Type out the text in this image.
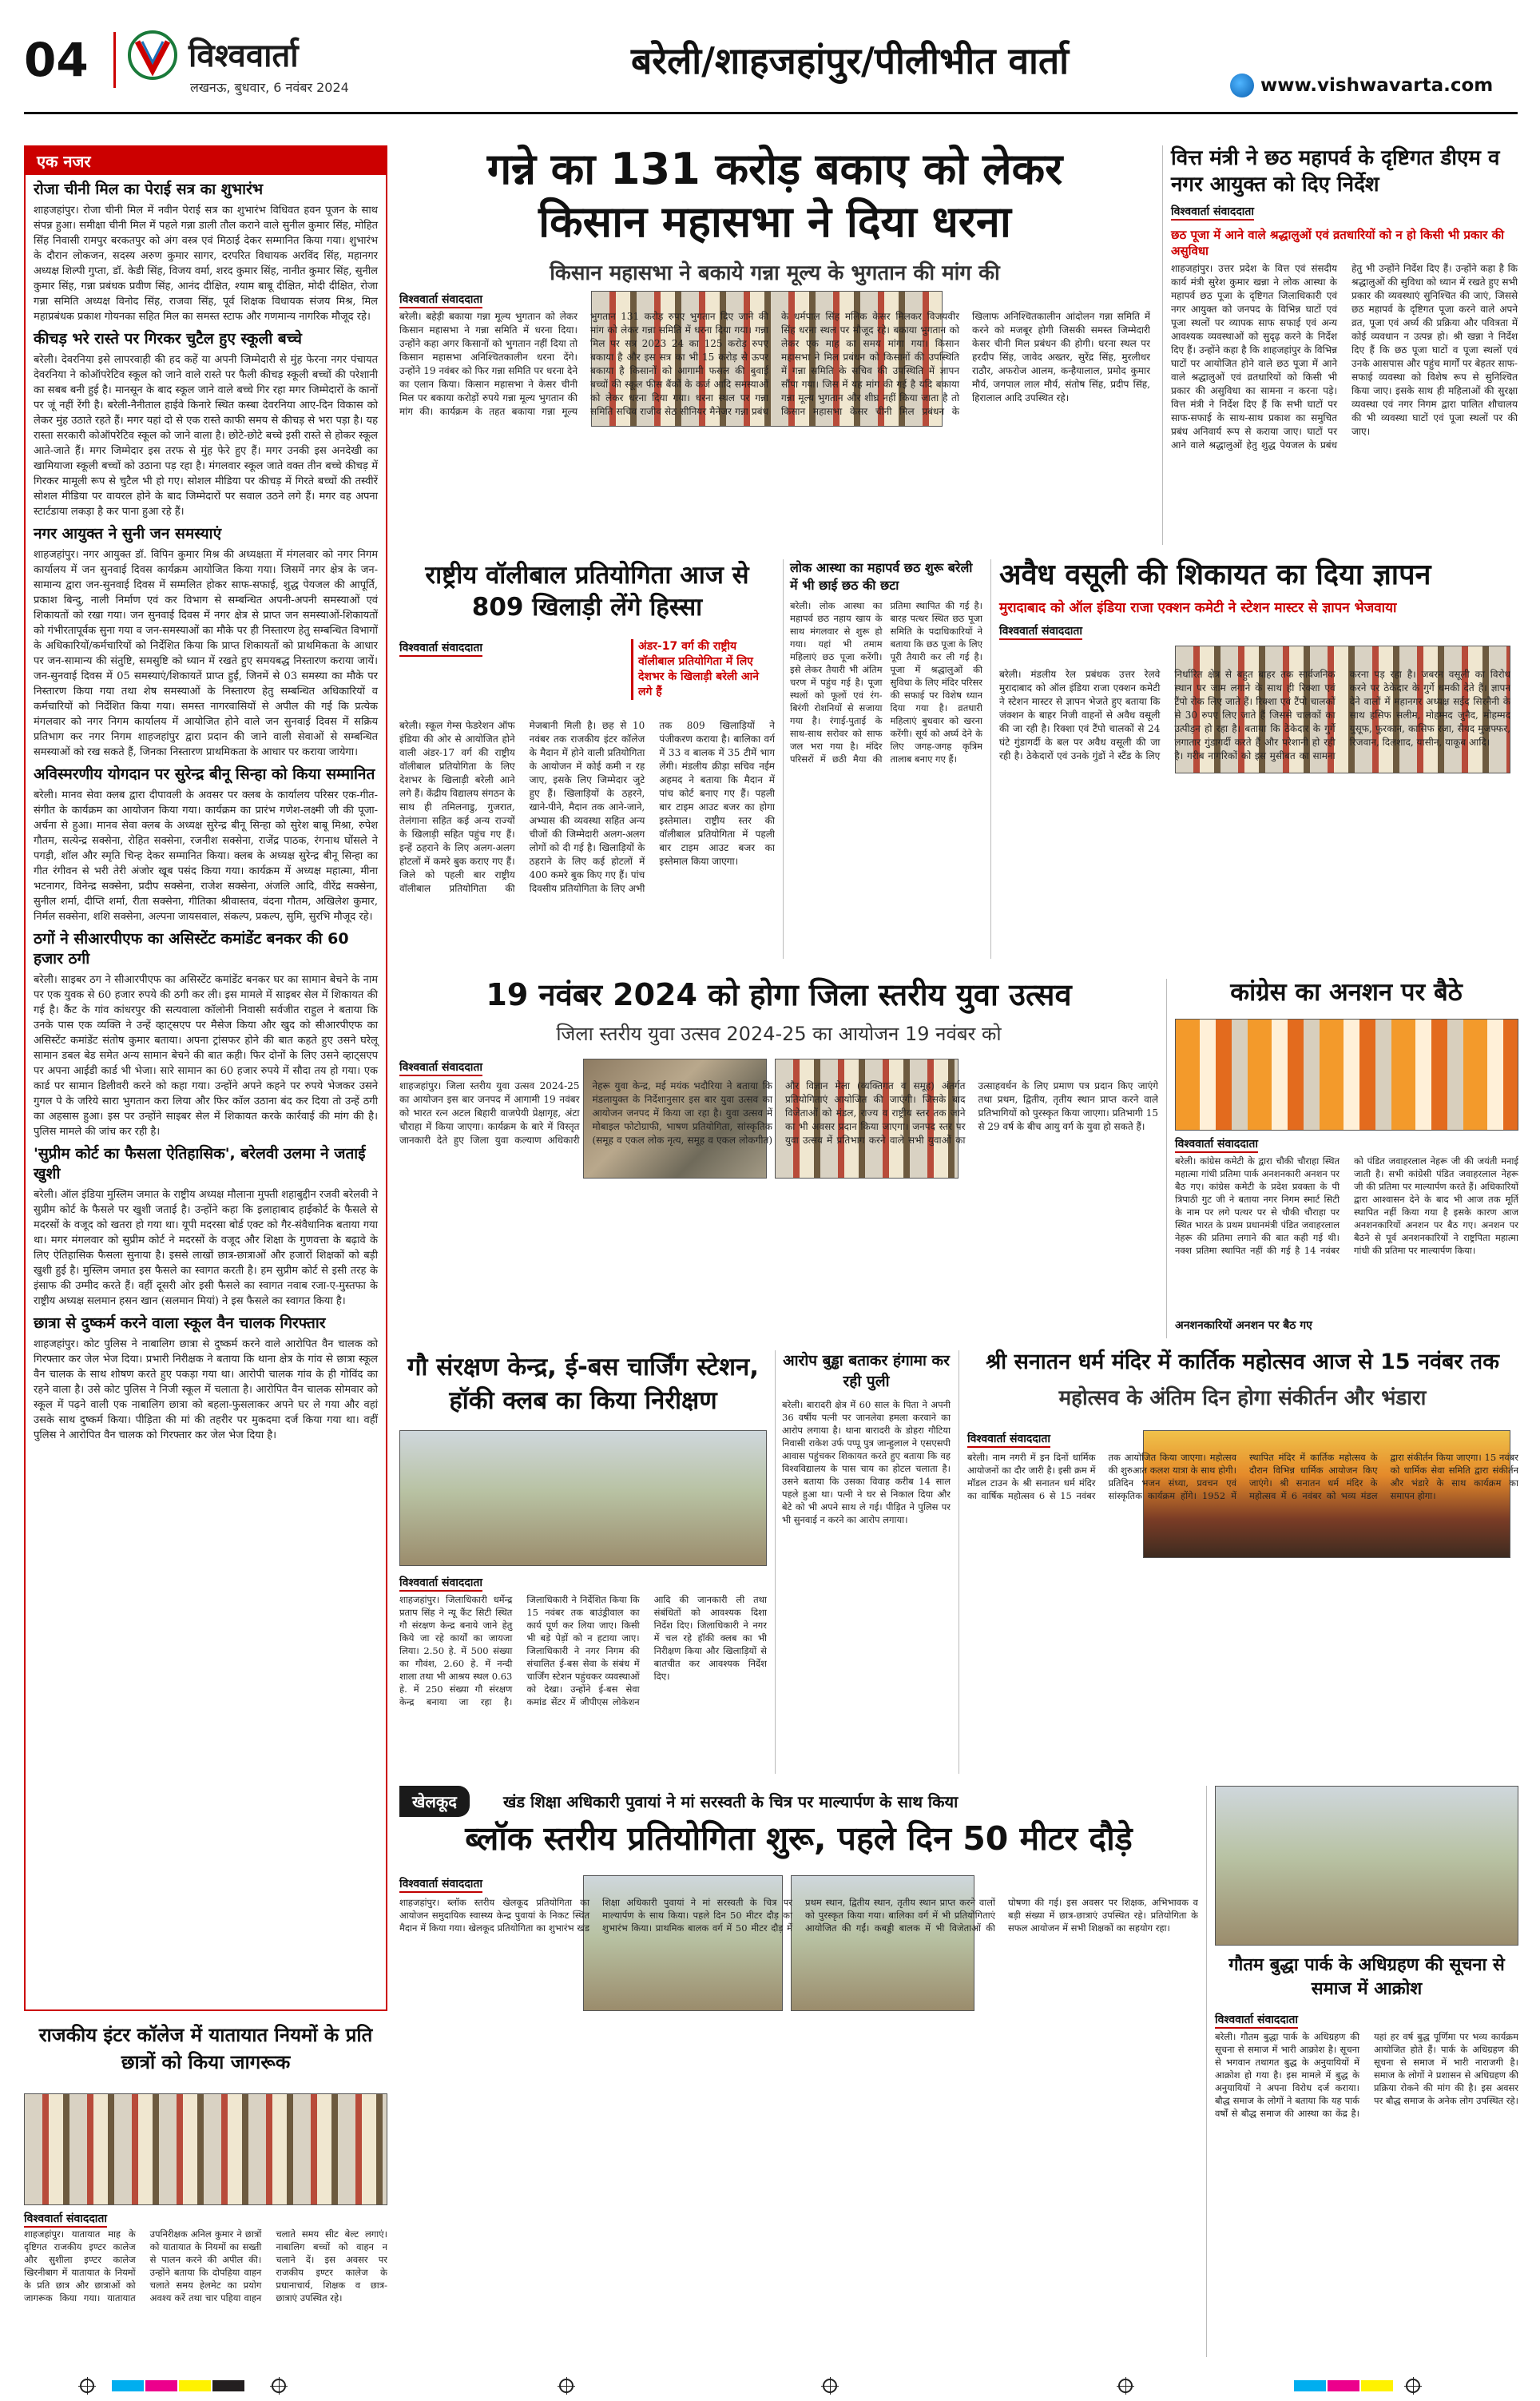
04	विश्ववार्ता
लखनऊ, बुधवार, 6 नवंबर 2024
बरेली/शाहजहांपुर/पीलीभीत वार्ता
www.vishwavarta.com
एक नजर
रोजा चीनी मिल का पेराई सत्र का शुभारंभ
शाहजहांपुर। रोजा चीनी मिल में नवीन पेराई सत्र का शुभारंभ विधिवत हवन पूजन के साथ संपन्न हुआ। समीक्षा चीनी मिल में पहले गन्ना डाली तौल कराने वाले सुनील कुमार सिंह, मोहित सिंह निवासी रामपुर बरकतपुर को अंग वस्त्र एवं मिठाई देकर सम्मानित किया गया। शुभारंभ के दौरान लोकजन, सदस्य अरुण कुमार सागर, दरपरित विधायक अरविंद सिंह, महानगर अध्यक्ष शिल्पी गुप्ता, डॉ. केडी सिंह, विजय वर्मा, शरद कुमार सिंह, नानीत कुमार सिंह, सुनील कुमार सिंह, गन्ना प्रबंधक प्रवीण सिंह, आनंद दीक्षित, श्याम बाबू दीक्षित, मोदी दीक्षित, रोजा गन्ना समिति अध्यक्ष विनोद सिंह, राजवा सिंह, पूर्व शिक्षक विधायक संजय मिश्र, मिल महाप्रबंधक प्रकाश गोयनका सहित मिल का समस्त स्टाफ और गणमान्य नागरिक मौजूद रहे।
कीचड़ भरे रास्ते पर गिरकर चुटैल हुए स्कूली बच्चे
बरेली। देवरनिया इसे लापरवाही की हद कहें या अपनी जिम्मेदारी से मुंह फेरना नगर पंचायत देवरनिया ने कोऑपरेटिव स्कूल को जाने वाले रास्ते पर फैली कीचड़ स्कूली बच्चों की परेशानी का सबब बनी हुई है। मानसून के बाद स्कूल जाने वाले बच्चे गिर रहा मगर जिम्मेदारों के कानों पर जूं नहीं रेंगी है। बरेली-नैनीताल हाईवे किनारे स्थित कस्बा देवरनिया आए-दिन विकास को लेकर मुंह उठाते रहते हैं। मगर यहां दो से एक रास्ते काफी समय से कीचड़ से भरा पड़ा है। यह रास्ता सरकारी कोऑपरेटिव स्कूल को जाने वाला है। छोटे-छोटे बच्चे इसी रास्ते से होकर स्कूल आते-जाते हैं। मगर जिम्मेदार इस तरफ से मुंह फेरे हुए हैं। मगर उनकी इस अनदेखी का खामियाजा स्कूली बच्चों को उठाना पड़ रहा है। मंगलवार स्कूल जाते वक्त तीन बच्चे कीचड़ में गिरकर मामूली रूप से चुटैल भी हो गए। सोशल मीडिया पर कीचड़ में गिरते बच्चों की तस्वीरें सोशल मीडिया पर वायरल होने के बाद जिम्मेदारों पर सवाल उठने लगे हैं। मगर वह अपना स्टार्टडाया लकड़ा है कर पाना हुआ रहे हैं।
नगर आयुक्त ने सुनी जन समस्याएं
शाहजहांपुर। नगर आयुक्त डॉ. विपिन कुमार मिश्र की अध्यक्षता में मंगलवार को नगर निगम कार्यालय में जन सुनवाई दिवस कार्यक्रम आयोजित किया गया। जिसमें नगर क्षेत्र के जन-सामान्य द्वारा जन-सुनवाई दिवस में सम्मलित होकर साफ-सफाई, शुद्ध पेयजल की आपूर्ति, प्रकाश बिन्दु, नाली निर्माण एवं कर विभाग से सम्बन्धित अपनी-अपनी समस्याओं एवं शिकायतों को रखा गया। जन सुनवाई दिवस में नगर क्षेत्र से प्राप्त जन समस्याओं-शिकायतों को गंभीरतापूर्वक सुना गया व जन-समस्याओं का मौके पर ही निस्तारण हेतु सम्बन्धित विभागों के अधिकारियों/कर्मचारियों को निर्देशित किया कि प्राप्त शिकायतों को प्राथमिकता के आधार पर जन-सामान्य की संतुष्टि, समसुष्टि को ध्यान में रखते हुए समयबद्ध निस्तारण कराया जायें। जन-सुनवाई दिवस में 05 समस्याएं/शिकायतें प्राप्त हुईं, जिनमें से 03 समस्या का मौके पर निस्तारण किया गया तथा शेष समस्याओं के निस्तारण हेतु सम्बन्धित अधिकारियों व कर्मचारियों को निर्देशित किया गया। समस्त नागरवासियों से अपील की गई कि प्रत्येक मंगलवार को नगर निगम कार्यालय में आयोजित होने वाले जन सुनवाई दिवस में सक्रिय प्रतिभाग कर नगर निगम शाहजहांपुर द्वारा प्रदान की जाने वाली सेवाओं से सम्बन्धित समस्याओं को रख सकते हैं, जिनका निस्तारण प्राथमिकता के आधार पर कराया जायेगा।
अविस्मरणीय योगदान पर सुरेन्द्र बीनू सिन्हा को किया सम्मानित
बरेली। मानव सेवा क्लब द्वारा दीपावली के अवसर पर क्लब के कार्यालय परिसर एक-गीत-संगीत के कार्यक्रम का आयोजन किया गया। कार्यक्रम का प्रारंभ गणेश-लक्ष्मी जी की पूजा-अर्चना से हुआ। मानव सेवा क्लब के अध्यक्ष सुरेन्द्र बीनू सिन्हा को सुरेश बाबू मिश्रा, रुपेश गौतम, सत्येन्द्र सक्सेना, रोहित सक्सेना, रजनीश सक्सेना, राजेंद्र पाठक, रंगनाथ घोंसले ने पगड़ी, शॉल और स्मृति चिन्ह देकर सम्मानित किया। क्लब के अध्यक्ष सुरेन्द्र बीनू सिन्हा का गीत रंगीवन से भरी तेरी अंजोर खूब पसंद किया गया। कार्यक्रम में अध्यक्ष महात्मा, मीना भटनागर, विनेन्द्र सक्सेना, प्रदीप सक्सेना, राजेश सक्सेना, अंजलि आदि, वीरेंद्र सक्सेना, सुनील शर्मा, दीप्ति शर्मा, रीता सक्सेना, गीतिका श्रीवास्तव, वंदना गौतम, अखिलेश कुमार, निर्मल सक्सेना, शशि सक्सेना, अल्पना जायसवाल, संकल्प, प्रकल्प, सुमि, सुरभि मौजूद रहे।
ठगों ने सीआरपीएफ का असिस्टेंट कमांडेंट बनकर की 60 हजार ठगी
बरेली। साइबर ठग ने सीआरपीएफ का असिस्टेंट कमांडेंट बनकर घर का सामान बेचने के नाम पर एक युवक से 60 हजार रुपये की ठगी कर ली। इस मामले में साइबर सेल में शिकायत की गई है। कैंट के गांव कांधरपुर की सत्यवाला कॉलोनी निवासी सर्वजीत राहुल ने बताया कि उनके पास एक व्यक्ति ने उन्हें व्हाट्सएप पर मैसेज किया और खुद को सीआरपीएफ का असिस्टेंट कमांडेंट संतोष कुमार बताया। अपना ट्रांसफर होने की बात कहते हुए उसने घरेलू सामान डबल बेड समेत अन्य सामान बेचने की बात कही। फिर दोनों के लिए उसने व्हाट्सएप पर अपना आईडी कार्ड भी भेजा। सारे सामान का 60 हजार रुपये में सौदा तय हो गया। एक कार्ड पर सामान डिलीवरी करने को कहा गया। उन्होंने अपने कहने पर रुपये भेजकर उसने गुगल पे के जरिये सारा भुगतान करा लिया और फिर कॉल उठाना बंद कर दिया तो उन्हें ठगी का अहसास हुआ। इस पर उन्होंने साइबर सेल में शिकायत करके कार्रवाई की मांग की है। पुलिस मामले की जांच कर रही है।
'सुप्रीम कोर्ट का फैसला ऐतिहासिक', बरेलवी उलमा ने जताई खुशी
बरेली। ऑल इंडिया मुस्लिम जमात के राष्ट्रीय अध्यक्ष मौलाना मुफ्ती शहाबुद्दीन रजवी बरेलवी ने सुप्रीम कोर्ट के फैसले पर खुशी जताई है। उन्होंने कहा कि इलाहाबाद हाईकोर्ट के फैसले से मदरसों के वजूद को खतरा हो गया था। यूपी मदरसा बोर्ड एक्ट को गैर-संवैधानिक बताया गया था। मगर मंगलवार को सुप्रीम कोर्ट ने मदरसों के वजूद और शिक्षा के गुणवत्ता के बढ़ावे के लिए ऐतिहासिक फैसला सुनाया है। इससे लाखों छात्र-छात्राओं और हजारों शिक्षकों को बड़ी खुशी हुई है। मुस्लिम जमात इस फैसले का स्वागत करती है। हम सुप्रीम कोर्ट से इसी तरह के इंसाफ की उम्मीद करते हैं। वहीं दूसरी ओर इसी फैसले का स्वागत नवाब रजा-ए-मुस्तफा के राष्ट्रीय अध्यक्ष सलमान हसन खान (सलमान मियां) ने इस फैसले का स्वागत किया है।
छात्रा से दुष्कर्म करने वाला स्कूल वैन चालक गिरफ्तार
शाहजहांपुर। कोट पुलिस ने नाबालिग छात्रा से दुष्कर्म करने वाले आरोपित वैन चालक को गिरफ्तार कर जेल भेज दिया। प्रभारी निरीक्षक ने बताया कि थाना क्षेत्र के गांव से छात्रा स्कूल वैन चालक के साथ शोषण करते हुए पकड़ा गया था। आरोपी चालक गांव के ही गोविंद का रहने वाला है। उसे कोट पुलिस ने निजी स्कूल में चलाता है। आरोपित वैन चालक सोमवार को स्कूल में पढ़ने वाली एक नाबालिग छात्रा को बहला-फुसलाकर अपने घर ले गया और वहां उसके साथ दुष्कर्म किया। पीड़िता की मां की तहरीर पर मुकदमा दर्ज किया गया था। वहीं पुलिस ने आरोपित वैन चालक को गिरफ्तार कर जेल भेज दिया है।
गन्ने का 131 करोड़ बकाए को लेकर
किसान महासभा ने दिया धरना
किसान महासभा ने बकाये गन्ना मूल्य के भुगतान की मांग की
विश्ववार्ता संवाददाता
बरेली। बहेड़ी बकाया गन्ना मूल्य भुगतान को लेकर किसान महासभा ने गन्ना समिति में धरना दिया। उन्होंने कहा अगर किसानों को भुगतान नहीं दिया तो किसान महासभा अनिश्चितकालीन धरना देंगे। उन्होंने 19 नवंबर को फिर गन्ना समिति पर धरना देने का एलान किया। किसान महासभा ने केसर चीनी मिल पर बकाया करोड़ों रुपये गन्ना मूल्य भुगतान की मांग की। कार्यक्रम के तहत बकाया गन्ना मूल्य भुगतान 131 करोड़ रुपए भुगतान दिए जाने की मांग को लेकर गन्ना समिति में धरना दिया गया। गन्ना मिल पर सत्र 2023 24 का 125 करोड़ रुपए बकाया है और इस सत्र का भी 15 करोड़ से ऊपर बकाया है किसानों को आगामी फसल की बुवाई बच्चों की स्कूल फीस बैंकों के कर्ज आदि समस्याओं को लेकर धरना दिया गया। धरना स्थल पर गन्ना समिति सचिव राजीव सेठ सीनियर मैनेजर गन्ना प्रबंध के धर्मपाल सिंह मलिक केसर मिलकर विजयवीर सिंह धरना स्थल पर मौजूद रहे। बकाया भुगतान को लेकर एक माह का समय मांगा गया। किसान महासभा ने मिल प्रबंधन को किसानों की उपस्थिति में गन्ना समिति के सचिव की उपस्थिति में ज्ञापन सौंपा गया। जिस में यह मांग की गई है यदि बकाया गन्ना मूल्य भुगतान और शीघ्र नहीं किया जाता है तो किसान महासभा केसर चीनी मिल प्रबंधन के खिलाफ अनिश्चितकालीन आंदोलन गन्ना समिति में करने को मजबूर होगी जिसकी समस्त जिम्मेदारी केसर चीनी मिल प्रबंधन की होगी। धरना स्थल पर हरदीप सिंह, जावेद अख्तर, सुरेंद्र सिंह, मुरलीधर राठौर, अफरोज आलम, कन्हैयालाल, प्रमोद कुमार मौर्य, जगपाल लाल मौर्य, संतोष सिंह, प्रदीप सिंह, हिरालाल आदि उपस्थित रहे।
वित्त मंत्री ने छठ महापर्व के दृष्टिगत डीएम व नगर आयुक्त को दिए निर्देश
विश्ववार्ता संवाददाता
छठ पूजा में आने वाले श्रद्धालुओं एवं व्रतधारियों को न हो किसी भी प्रकार की असुविधा
शाहजहांपुर। उत्तर प्रदेश के वित्त एवं संसदीय कार्य मंत्री सुरेश कुमार खन्ना ने लोक आस्था के महापर्व छठ पूजा के दृष्टिगत जिलाधिकारी एवं नगर आयुक्त को जनपद के विभिन्न घाटों एवं पूजा स्थलों पर व्यापक साफ सफाई एवं अन्य आवश्यक व्यवस्थाओं को सुदृढ़ करने के निर्देश दिए हैं। उन्होंने कहा है कि शाहजहांपुर के विभिन्न घाटों पर आयोजित होने वाले छठ पूजा में आने वाले श्रद्धालुओं एवं व्रतधारियों को किसी भी प्रकार की असुविधा का सामना न करना पड़े। वित्त मंत्री ने निर्देश दिए हैं कि सभी घाटों पर साफ-सफाई के साथ-साथ प्रकाश का समुचित प्रबंध अनिवार्य रूप से कराया जाए। घाटों पर आने वाले श्रद्धालुओं हेतु शुद्ध पेयजल के प्रबंध हेतु भी उन्होंने निर्देश दिए हैं। उन्होंने कहा है कि श्रद्धालुओं की सुविधा को ध्यान में रखते हुए सभी प्रकार की व्यवस्थाएं सुनिश्चित की जाएं, जिससे छठ महापर्व के दृष्टिगत पूजा करने वाले अपने व्रत, पूजा एवं अर्घ्य की प्रक्रिया और पवित्रता में कोई व्यवधान न उत्पन्न हो। श्री खन्ना ने निर्देश दिए हैं कि छठ पूजा घाटों व पूजा स्थलों एवं उनके आसपास और पहुंच मार्गों पर बेहतर साफ-सफाई व्यवस्था को विशेष रूप से सुनिश्चित किया जाए। इसके साथ ही महिलाओं की सुरक्षा व्यवस्था एवं नगर निगम द्वारा पालित शौचालय की भी व्यवस्था घाटों एवं पूजा स्थलों पर की जाए।
राष्ट्रीय वॉलीबाल प्रतियोगिता आज से 809 खिलाड़ी लेंगे हिस्सा
अंडर-17 वर्ग की राष्ट्रीय वॉलीबाल प्रतियोगिता में लिए देशभर के खिलाड़ी बरेली आने लगे हैं
विश्ववार्ता संवाददाता
बरेली। स्कूल गेम्स फेडरेशन ऑफ इंडिया की ओर से आयोजित होने वाली अंडर-17 वर्ग की राष्ट्रीय वॉलीबाल प्रतियोगिता के लिए देशभर के खिलाड़ी बरेली आने लगे हैं। केंद्रीय विद्यालय संगठन के साथ ही तमिलनाडु, गुजरात, तेलंगाना सहित कई अन्य राज्यों के खिलाड़ी सहित पहुंच गए हैं। इन्हें ठहराने के लिए अलग-अलग होटलों में कमरे बुक कराए गए हैं। जिले को पहली बार राष्ट्रीय वॉलीबाल प्रतियोगिता की मेजबानी मिली है। छह से 10 नवंबर तक राजकीय इंटर कॉलेज के मैदान में होने वाली प्रतियोगिता के आयोजन में कोई कमी न रह जाए, इसके लिए जिम्मेदार जुटे हुए हैं। खिलाड़ियों के ठहरने, खाने-पीने, मैदान तक आने-जाने, अभ्यास की व्यवस्था सहित अन्य चीजों की जिम्मेदारी अलग-अलग लोगों को दी गई है। खिलाड़ियों के ठहराने के लिए कई होटलों में 400 कमरे बुक किए गए हैं। पांच दिवसीय प्रतियोगिता के लिए अभी तक 809 खिलाड़ियों ने पंजीकरण कराया है। बालिका वर्ग में 33 व बालक में 35 टीमें भाग लेंगी। मंडलीय क्रीड़ा सचिव नईम अहमद ने बताया कि मैदान में पांच कोर्ट बनाए गए हैं। पहली बार टाइम आउट बजर का होगा इस्तेमाल। राष्ट्रीय स्तर की वॉलीबाल प्रतियोगिता में पहली बार टाइम आउट बजर का इस्तेमाल किया जाएगा।
लोक आस्था का महापर्व छठ शुरू बरेली में भी छाई छठ की छटा
बरेली। लोक आस्था का महापर्व छठ नहाय खाय के साथ मंगलवार से शुरू हो गया। यहां भी तमाम महिलाएं छठ पूजा करेंगी। इसे लेकर तैयारी भी अंतिम चरण में पहुंच गई है। पूजा स्थलों को फूलों एवं रंग-बिरंगी रोशनियों से सजाया गया है। रंगाई-पुताई के साथ-साथ सरोवर को साफ जल भरा गया है। मंदिर परिसरों में छठी मैया की प्रतिमा स्थापित की गई है। बारह पत्थर स्थित छठ पूजा समिति के पदाधिकारियों ने बताया कि छठ पूजा के लिए पूरी तैयारी कर ली गई है। पूजा में श्रद्धालुओं की सुविधा के लिए मंदिर परिसर की सफाई पर विशेष ध्यान दिया गया है। व्रतधारी महिलाएं बुधवार को खरना करेंगी। सूर्य को अर्घ्य देने के लिए जगह-जगह कृत्रिम तालाब बनाए गए हैं।
अवैध वसूली की शिकायत का दिया ज्ञापन
मुरादाबाद को ऑल इंडिया राजा एक्शन कमेटी ने स्टेशन मास्टर से ज्ञापन भेजवाया
विश्ववार्ता संवाददाता
बरेली। मंडलीय रेल प्रबंधक उत्तर रेलवे मुरादाबाद को ऑल इंडिया राजा एक्शन कमेटी ने स्टेशन मास्टर से ज्ञापन भेजते हुए बताया कि जंक्शन के बाहर निजी वाहनों से अवैध वसूली की जा रही है। रिक्शा एवं टैंपो चालकों से 24 घंटे गुंडागर्दी के बल पर अवैध वसूली की जा रही है। ठेकेदारों एवं उनके गुंडों ने स्टैंड के लिए निर्धारित क्षेत्र से बहुत बाहर तक सार्वजनिक स्थान पर जाम लगाने के साथ ही रिक्शा एवं टैंपो रोक लिए जाते हैं। रिक्शा एवं टैंपो चालकों से 30 रुपए लिए जाते हैं जिससे चालकों का उत्पीड़न हो रहा है। बताया कि ठेकेदार के गुर्गे लगातार गुंडागर्दी करते हैं और परेशानी हो रही है। गरीब नागरिकों को इस मुसीबत का सामना करना पड़ रहा है। जबरन वसूली का विरोध करने पर ठेकेदार के गुर्गे धमकी देते हैं। ज्ञापन देने वालों में महानगर अध्यक्ष सईद सिरनैनी के साथ हसिफ सलीम, मोहम्मद जुनैद, मोहम्मद युसूफ, फुरकान, कासिफ रजा, सैयद मुजफ्फर, रिजवान, दिलशाद, यासीन, याकूब आदि।
19 नवंबर 2024 को होगा जिला स्तरीय युवा उत्सव
जिला स्तरीय युवा उत्सव 2024-25 का आयोजन 19 नवंबर को
विश्ववार्ता संवाददाता
शाहजहांपुर। जिला स्तरीय युवा उत्सव 2024-25 का आयोजन इस बार जनपद में आगामी 19 नवंबर को भारत रत्न अटल बिहारी वाजपेयी प्रेक्षागृह, अंटा चौराहा में किया जाएगा। कार्यक्रम के बारे में विस्तृत जानकारी देते हुए जिला युवा कल्याण अधिकारी नेहरू युवा केन्द्र, मई मयंक भदौरिया ने बताया कि मंडलायुक्त के निर्देशानुसार इस बार युवा उत्सव का आयोजन जनपद में किया जा रहा है। युवा उत्सव में मोबाइल फोटोग्राफी, भाषण प्रतियोगिता, सांस्कृतिक (समूह व एकल लोक नृत्य, समूह व एकल लोकगीत) और विज्ञान मेला (व्यक्तिगत व समूह) अंतर्गत प्रतियोगिताएं आयोजित की जाएंगी। जिसके बाद विजेताओं को मंडल, राज्य व राष्ट्रीय स्तर तक जाने का भी अवसर प्रदान किया जाएगा। जनपद स्तर पर युवा उत्सव में प्रतिभाग करने वाले सभी युवाओं का उत्साहवर्धन के लिए प्रमाण पत्र प्रदान किए जाएंगे तथा प्रथम, द्वितीय, तृतीय स्थान प्राप्त करने वाले प्रतिभागियों को पुरस्कृत किया जाएगा। प्रतिभागी 15 से 29 वर्ष के बीच आयु वर्ग के युवा हो सकते हैं।
कांग्रेस का अनशन पर बैठे
विश्ववार्ता संवाददाता
बरेली। कांग्रेस कमेटी के द्वारा चौकी चौराहा स्थित महात्मा गांधी प्रतिमा पार्क अनशनकारी अनशन पर बैठ गए। कांग्रेस कमेटी के प्रदेश प्रवक्ता के पी त्रिपाठी गुट जी ने बताया नगर निगम स्मार्ट सिटी के नाम पर लगे पत्थर पर से चौकी चौराहा पर स्थित भारत के प्रथम प्रधानमंत्री पंडित जवाहरलाल नेहरू की प्रतिमा लगाने की बात कही गई थी। नक्श प्रतिमा स्थापित नहीं की गई है 14 नवंबर को पंडित जवाहरलाल नेहरू जी की जयंती मनाई जाती है। सभी कांग्रेसी पंडित जवाहरलाल नेहरू जी की प्रतिमा पर माल्यार्पण करते हैं। अधिकारियों द्वारा आश्वासन देने के बाद भी आज तक मूर्ति स्थापित नहीं किया गया है इसके कारण आज अनशनकारियों अनशन पर बैठ गए। अनशन पर बैठने से पूर्व अनशनकारियों ने राष्ट्रपिता महात्मा गांधी की प्रतिमा पर माल्यार्पण किया।
अनशनकारियों अनशन पर बैठ गए
गौ संरक्षण केन्द्र, ई-बस चार्जिंग स्टेशन, हॉकी क्लब का किया निरीक्षण
विश्ववार्ता संवाददाता
शाहजहांपुर। जिलाधिकारी धर्मेन्द्र प्रताप सिंह ने न्यू कैंट सिटी स्थित गौ संरक्षण केन्द्र बनाये जाने हेतु किये जा रहे कार्यों का जायजा लिया। 2.50 हे. में 500 संख्या का गौवंश, 2.60 हे. में नन्दी शाला तथा भी आश्रय स्थल 0.63 हे. में 250 संख्या गौ संरक्षण केन्द्र बनाया जा रहा है। जिलाधिकारी ने निर्देशित किया कि 15 नवंबर तक बाउंड्रीवाल का कार्य पूर्ण कर लिया जाए। किसी भी बड़े पेड़ों को न हटाया जाए। जिलाधिकारी ने नगर निगम की संचालित ई-बस सेवा के संबंध में चार्जिंग स्टेशन पहुंचकर व्यवस्थाओं को देखा। उन्होंने ई-बस सेवा कमांड सेंटर में जीपीएस लोकेशन आदि की जानकारी ली तथा संबंधितों को आवश्यक दिशा निर्देश दिए। जिलाधिकारी ने नगर में चल रहे हॉकी क्लब का भी निरीक्षण किया और खिलाड़ियों से बातचीत कर आवश्यक निर्देश दिए।
आरोप बुड्ढा बताकर हंगामा कर रही पुली
बरेली। बारादरी क्षेत्र में 60 साल के पिता ने अपनी 36 वर्षीय पत्नी पर जानलेवा हमला करवाने का आरोप लगाया है। थाना बारादरी के डोहरा गौटिया निवासी राकेश उर्फ पप्पू पुत्र जान्हुलाल ने एसएसपी आवास पहुंचकर शिकायत करते हुए बताया कि वह विश्वविद्यालय के पास चाय का होटल चलाता है। उसने बताया कि उसका विवाह करीब 14 साल पहले हुआ था। पत्नी ने घर से निकाल दिया और बेटे को भी अपने साथ ले गई। पीड़ित ने पुलिस पर भी सुनवाई न करने का आरोप लगाया।
श्री सनातन धर्म मंदिर में कार्तिक महोत्सव आज से 15 नवंबर तक
महोत्सव के अंतिम दिन होगा संकीर्तन और भंडारा
विश्ववार्ता संवाददाता
बरेली। नाम नगरी में इन दिनों धार्मिक आयोजनों का दौर जारी है। इसी क्रम में मॉडल टाउन के श्री सनातन धर्म मंदिर का वार्षिक महोत्सव 6 से 15 नवंबर तक आयोजित किया जाएगा। महोत्सव की शुरुआत कलश यात्रा के साथ होगी। प्रतिदिन भजन संध्या, प्रवचन एवं सांस्कृतिक कार्यक्रम होंगे। 1952 में स्थापित मंदिर में कार्तिक महोत्सव के दौरान विभिन्न धार्मिक आयोजन किए जाएंगे। श्री सनातन धर्म मंदिर के महोत्सव में 6 नवंबर को भव्य मंडल द्वारा संकीर्तन किया जाएगा। 15 नवंबर को धार्मिक सेवा समिति द्वारा संकीर्तन और भंडारे के साथ कार्यक्रम का समापन होगा।
राजकीय इंटर कॉलेज में यातायात नियमों के प्रति छात्रों को किया जागरूक
विश्ववार्ता संवाददाता
शाहजहांपुर। यातायात माह के दृष्टिगत राजकीय इण्टर कालेज और सुशीला इण्टर कालेज खिरनीबाग में यातायात के नियमों के प्रति छात्र और छात्राओं को जागरूक किया गया। यातायात उपनिरीक्षक अनिल कुमार ने छात्रों को यातायात के नियमों का सख्ती से पालन करने की अपील की। उन्होंने बताया कि दोपहिया वाहन चलाते समय हेलमेट का प्रयोग अवश्य करें तथा चार पहिया वाहन चलाते समय सीट बेल्ट लगाएं। नाबालिग बच्चों को वाहन न चलाने दें। इस अवसर पर राजकीय इण्टर कालेज के प्रधानाचार्य, शिक्षक व छात्र-छात्राएं उपस्थित रहे।
खेलकूद	खंड शिक्षा अधिकारी पुवायां ने मां सरस्वती के चित्र पर माल्यार्पण के साथ किया
ब्लॉक स्तरीय प्रतियोगिता शुरू, पहले दिन 50 मीटर दौड़े
विश्ववार्ता संवाददाता
शाहजहांपुर। ब्लॉक स्तरीय खेलकूद प्रतियोगिता का आयोजन समुदायिक स्वास्थ्य केन्द्र पुवायां के निकट स्थित मैदान में किया गया। खेलकूद प्रतियोगिता का शुभारंभ खंड शिक्षा अधिकारी पुवायां ने मां सरस्वती के चित्र पर माल्यार्पण के साथ किया। पहले दिन 50 मीटर दौड़ का शुभारंभ किया। प्राथमिक बालक वर्ग में 50 मीटर दौड़ में प्रथम स्थान, द्वितीय स्थान, तृतीय स्थान प्राप्त करने वालों को पुरस्कृत किया गया। बालिका वर्ग में भी प्रतियोगिताएं आयोजित की गईं। कबड्डी बालक में भी विजेताओं की घोषणा की गई। इस अवसर पर शिक्षक, अभिभावक व बड़ी संख्या में छात्र-छात्राएं उपस्थित रहे। प्रतियोगिता के सफल आयोजन में सभी शिक्षकों का सहयोग रहा।
गौतम बुद्धा पार्क के अधिग्रहण की सूचना से समाज में आक्रोश
विश्ववार्ता संवाददाता
बरेली। गौतम बुद्धा पार्क के अधिग्रहण की सूचना से समाज में भारी आक्रोश है। सूचना से भगवान तथागत बुद्ध के अनुयायियों में आक्रोश हो गया है। इस मामले में बुद्ध के अनुयायियों ने अपना विरोध दर्ज कराया। बौद्ध समाज के लोगों ने बताया कि यह पार्क वर्षों से बौद्ध समाज की आस्था का केंद्र है। यहां हर वर्ष बुद्ध पूर्णिमा पर भव्य कार्यक्रम आयोजित होते हैं। पार्क के अधिग्रहण की सूचना से समाज में भारी नाराजगी है। समाज के लोगों ने प्रशासन से अधिग्रहण की प्रक्रिया रोकने की मांग की है। इस अवसर पर बौद्ध समाज के अनेक लोग उपस्थित रहे।
